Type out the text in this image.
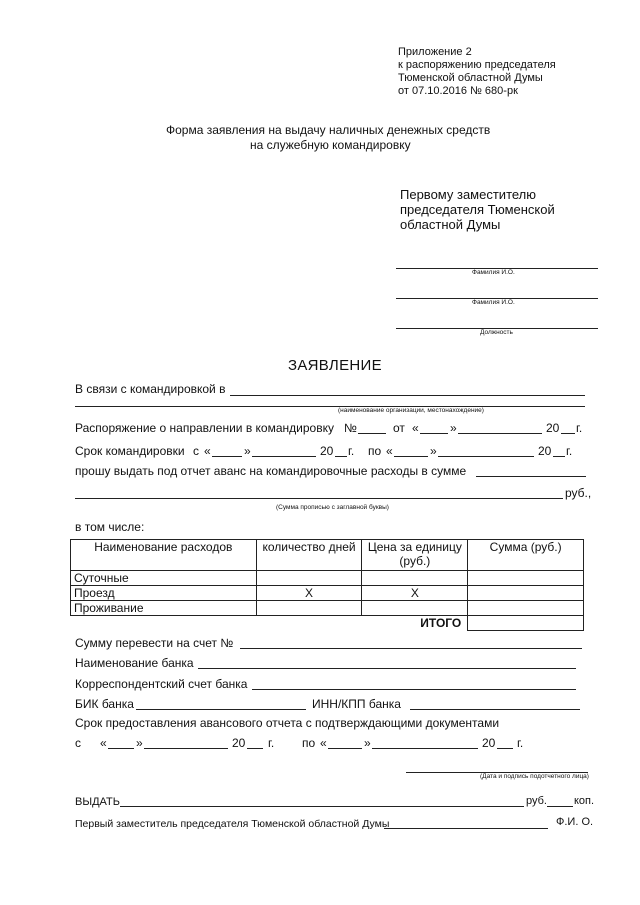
Приложение 2
к распоряжению председателя
Тюменской областной Думы
от 07.10.2016 № 680-рк
Форма заявления на выдачу наличных денежных средств
на служебную командировку
Первому заместителю
председателя Тюменской
областной Думы
Фамилия И.О.
Фамилия И.О.
Должность
ЗАЯВЛЕНИЕ
В связи с командировкой в
(наименование организации, местонахождение)
Распоряжение о направлении в командировку №	от «	»	20 г.
Срок командировки с «	»	20 г. по «	»	20 г.
прошу выдать под отчет аванс на командировочные расходы в сумме
руб.,
(Сумма прописью с заглавной буквы)
в том числе:
Наименование расходов	количество дней	Цена за единицу (руб.)	Сумма (руб.)
Суточные			
Проезд	X	X	
Проживание			
		ИТОГО	
Сумму перевести на счет №
Наименование банка
Корреспондентский счет банка
БИК банка	ИНН/КПП банка
Срок предоставления авансового отчета с подтверждающими документами
с « »	20 г. по «	»	20 г.
(Дата и подпись подотчетного лица)
ВЫДАТЬ	руб. коп.
Первый заместитель председателя Тюменской областной Думы	Ф.И. О.
